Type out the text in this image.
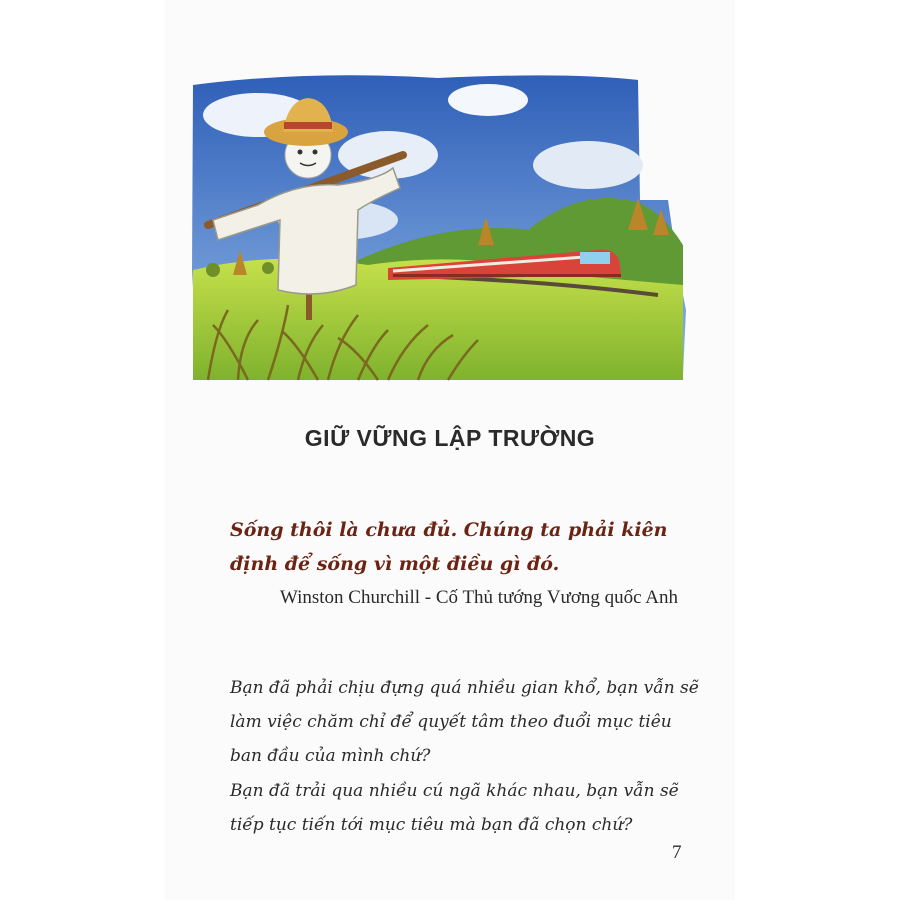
GIỮ VỮNG LẬP TRƯỜNG

Sống thôi là chưa đủ. Chúng ta phải kiên định để sống vì một điều gì đó.

Winston Churchill - Cố Thủ tướng Vương quốc Anh

Bạn đã phải chịu đựng quá nhiều gian khổ, bạn vẫn sẽ làm việc chăm chỉ để quyết tâm theo đuổi mục tiêu ban đầu của mình chứ?

Bạn đã trải qua nhiều cú ngã khác nhau, bạn vẫn sẽ tiếp tục tiến tới mục tiêu mà bạn đã chọn chứ?

7
